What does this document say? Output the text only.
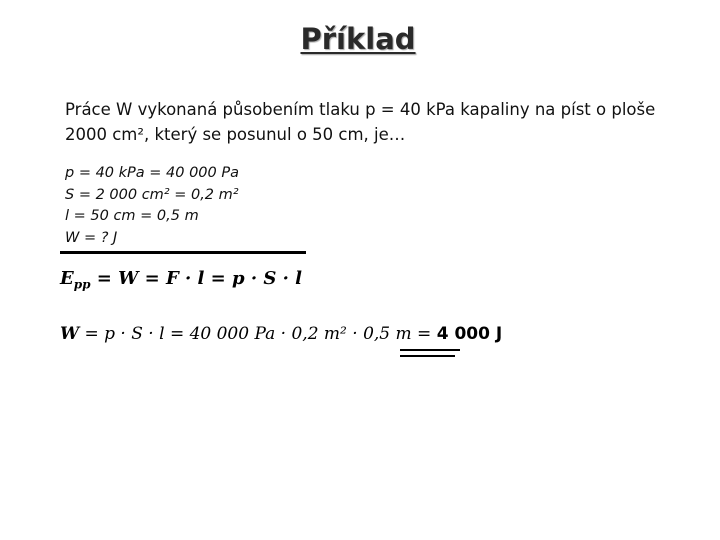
Příklad
Práce W vykonaná působením tlaku p = 40 kPa kapaliny na píst o ploše
2000 cm², který se posunul o 50 cm, je…
p = 40 kPa = 40 000 Pa
S = 2 000 cm² = 0,2 m²
l = 50 cm = 0,5 m
W = ? J
$E_{pp} = W = F \cdot l = p \cdot S \cdot l$
W = p · S · l = 40 000 Pa · 0,2 m² · 0,5 m = 4 000 J
